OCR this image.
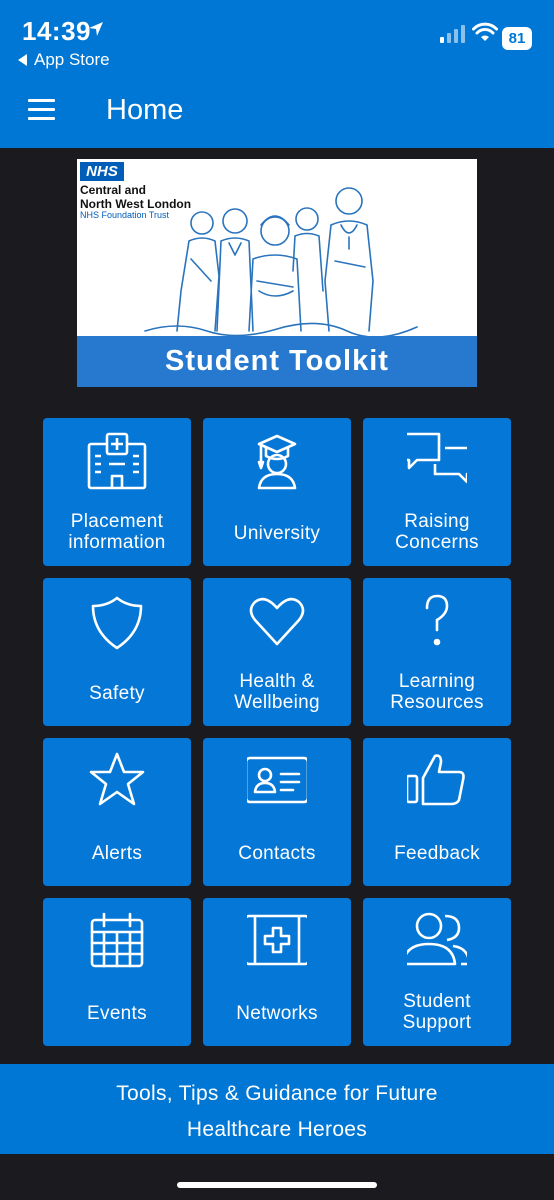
14:39
App Store
81
Home
NHS
Central and
North West London
NHS Foundation Trust
Student Toolkit
Placement
information	University
Raising
Concerns
Safety
Health &
Wellbeing
Learning
Resources
Alerts	Contacts	Feedback
Events	Networks
Student
Support
Tools, Tips & Guidance for Future
Healthcare Heroes
